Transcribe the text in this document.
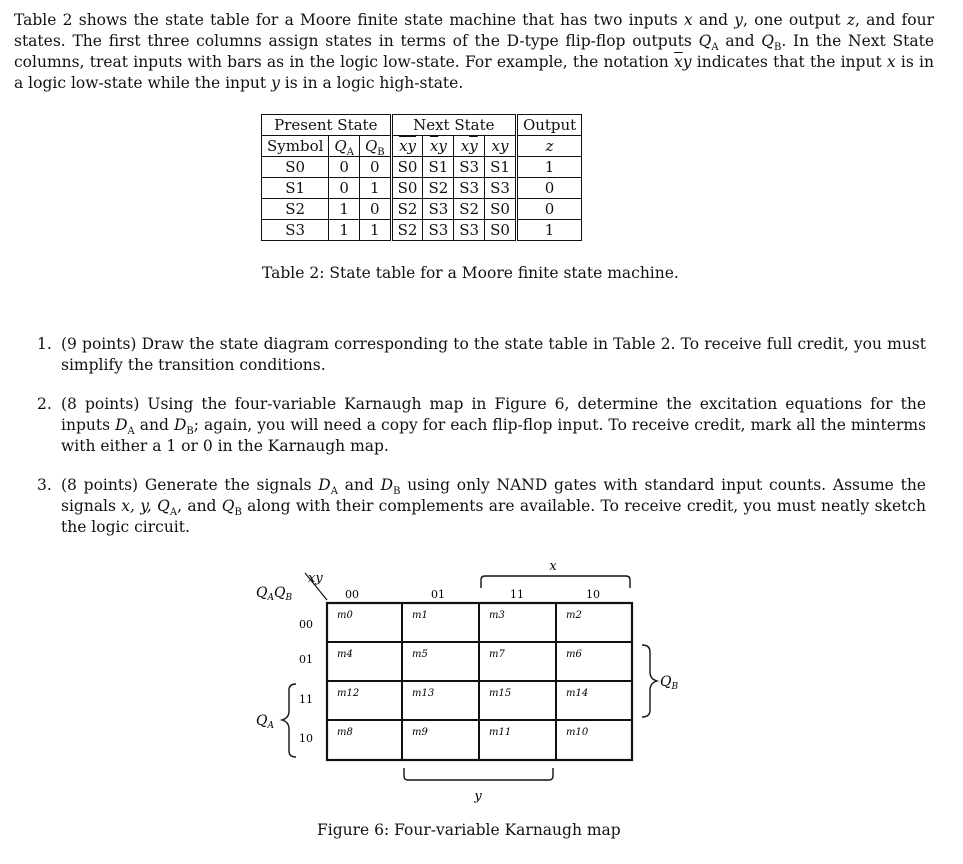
Table 2 shows the state table for a Moore finite state machine that has two inputs x and y, one output z, and four states. The first three columns assign states in terms of the D-type flip-flop outputs $Q_A$ and $Q_B$. In the Next State columns, treat inputs with bars as in the logic low-state. For example, the notation $\overline{x}y$ indicates that the input x is in a logic low-state while the input y is in a logic high-state.

Present State			Next State				Output
Symbol	$Q_A$	$Q_B$	$\overline{x}\overline{y}$	$\overline{x}y$	$x\overline{y}$	xy	z
S0	0	0	S0	S1	S3	S1	1
S1	0	1	S0	S2	S3	S3	0
S2	1	0	S2	S3	S2	S0	0
S3	1	1	S2	S3	S3	S0	1
Table 2: State table for a Moore finite state machine.
1. (9 points) Draw the state diagram corresponding to the state table in Table 2. To receive full credit, you must simplify the transition conditions.
2. (8 points) Using the four-variable Karnaugh map in Figure 6, determine the excitation equations for the inputs $D_A$ and $D_B$; again, you will need a copy for each flip-flop input. To receive credit, mark all the minterms with either a 1 or 0 in the Karnaugh map.
3. (8 points) Generate the signals $D_A$ and $D_B$ using only NAND gates with standard input counts. Assume the signals x, y, $Q_A$, and $Q_B$ along with their complements are available. To receive credit, you must neatly sketch the logic circuit.
xy
$Q_AQ_B$	00	01	11	10
00
01
11
10
m0	m1	m3	m2
m4	m5	m7	m6
m12	m13	m15	m14
m8	m9	m11	m10
x
y
$Q_A$
$Q_B$
Figure 6: Four-variable Karnaugh map
